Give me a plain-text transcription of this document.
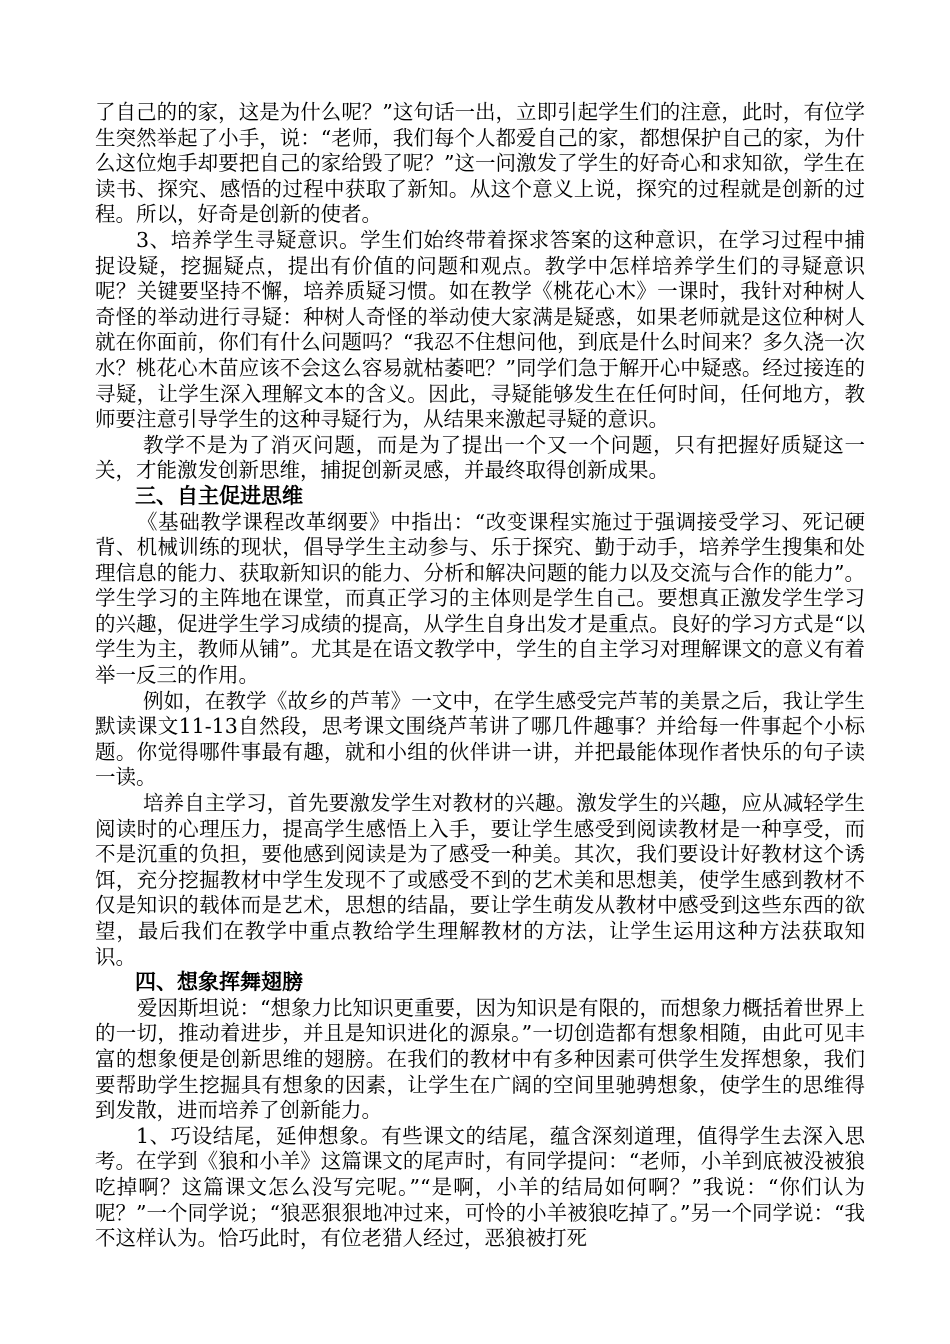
了自己的的家，这是为什么呢？”这句话一出，立即引起学生们的注意，此时，有位学生突然举起了小手，说：“老师，我们每个人都爱自己的家，都想保护自己的家，为什么这位炮手却要把自己的家给毁了呢？”这一问激发了学生的好奇心和求知欲，学生在读书、探究、感悟的过程中获取了新知。从这个意义上说，探究的过程就是创新的过程。所以，好奇是创新的使者。

3、培养学生寻疑意识。学生们始终带着探求答案的这种意识，在学习过程中捕捉设疑，挖掘疑点，提出有价值的问题和观点。教学中怎样培养学生们的寻疑意识呢？关键要坚持不懈，培养质疑习惯。如在教学《桃花心木》一课时，我针对种树人奇怪的举动进行寻疑：种树人奇怪的举动使大家满是疑惑，如果老师就是这位种树人就在你面前，你们有什么问题吗？“我忍不住想问他，到底是什么时间来？多久浇一次水？桃花心木苗应该不会这么容易就枯萎吧？”同学们急于解开心中疑惑。经过接连的寻疑，让学生深入理解文本的含义。因此，寻疑能够发生在任何时间，任何地方，教师要注意引导学生的这种寻疑行为，从结果来激起寻疑的意识。

教学不是为了消灭问题，而是为了提出一个又一个问题，只有把握好质疑这一关，才能激发创新思维，捕捉创新灵感，并最终取得创新成果。

三、自主促进思维

《基础教学课程改革纲要》中指出：“改变课程实施过于强调接受学习、死记硬背、机械训练的现状，倡导学生主动参与、乐于探究、勤于动手，培养学生搜集和处理信息的能力、获取新知识的能力、分析和解决问题的能力以及交流与合作的能力”。学生学习的主阵地在课堂，而真正学习的主体则是学生自己。要想真正激发学生学习的兴趣，促进学生学习成绩的提高，从学生自身出发才是重点。良好的学习方式是“以学生为主，教师从铺”。尤其是在语文教学中，学生的自主学习对理解课文的意义有着举一反三的作用。

例如，在教学《故乡的芦苇》一文中，在学生感受完芦苇的美景之后，我让学生默读课文11-13自然段，思考课文围绕芦苇讲了哪几件趣事？并给每一件事起个小标题。你觉得哪件事最有趣，就和小组的伙伴讲一讲，并把最能体现作者快乐的句子读一读。

培养自主学习，首先要激发学生对教材的兴趣。激发学生的兴趣，应从减轻学生阅读时的心理压力，提高学生感悟上入手，要让学生感受到阅读教材是一种享受，而不是沉重的负担，要他感到阅读是为了感受一种美。其次，我们要设计好教材这个诱饵，充分挖掘教材中学生发现不了或感受不到的艺术美和思想美，使学生感到教材不仅是知识的载体而是艺术，思想的结晶，要让学生萌发从教材中感受到这些东西的欲望，最后我们在教学中重点教给学生理解教材的方法，让学生运用这种方法获取知识。

四、想象挥舞翅膀

爱因斯坦说：“想象力比知识更重要，因为知识是有限的，而想象力概括着世界上的一切，推动着进步，并且是知识进化的源泉。”一切创造都有想象相随，由此可见丰富的想象便是创新思维的翅膀。在我们的教材中有多种因素可供学生发挥想象，我们要帮助学生挖掘具有想象的因素，让学生在广阔的空间里驰骋想象，使学生的思维得到发散，进而培养了创新能力。

1、巧设结尾，延伸想象。有些课文的结尾，蕴含深刻道理，值得学生去深入思考。在学到《狼和小羊》这篇课文的尾声时，有同学提问：“老师，小羊到底被没被狼吃掉啊？这篇课文怎么没写完呢。”“是啊，小羊的结局如何啊？”我说：“你们认为呢？”一个同学说；“狼恶狠狠地冲过来，可怜的小羊被狼吃掉了。”另一个同学说：“我不这样认为。恰巧此时，有位老猎人经过，恶狼被打死
